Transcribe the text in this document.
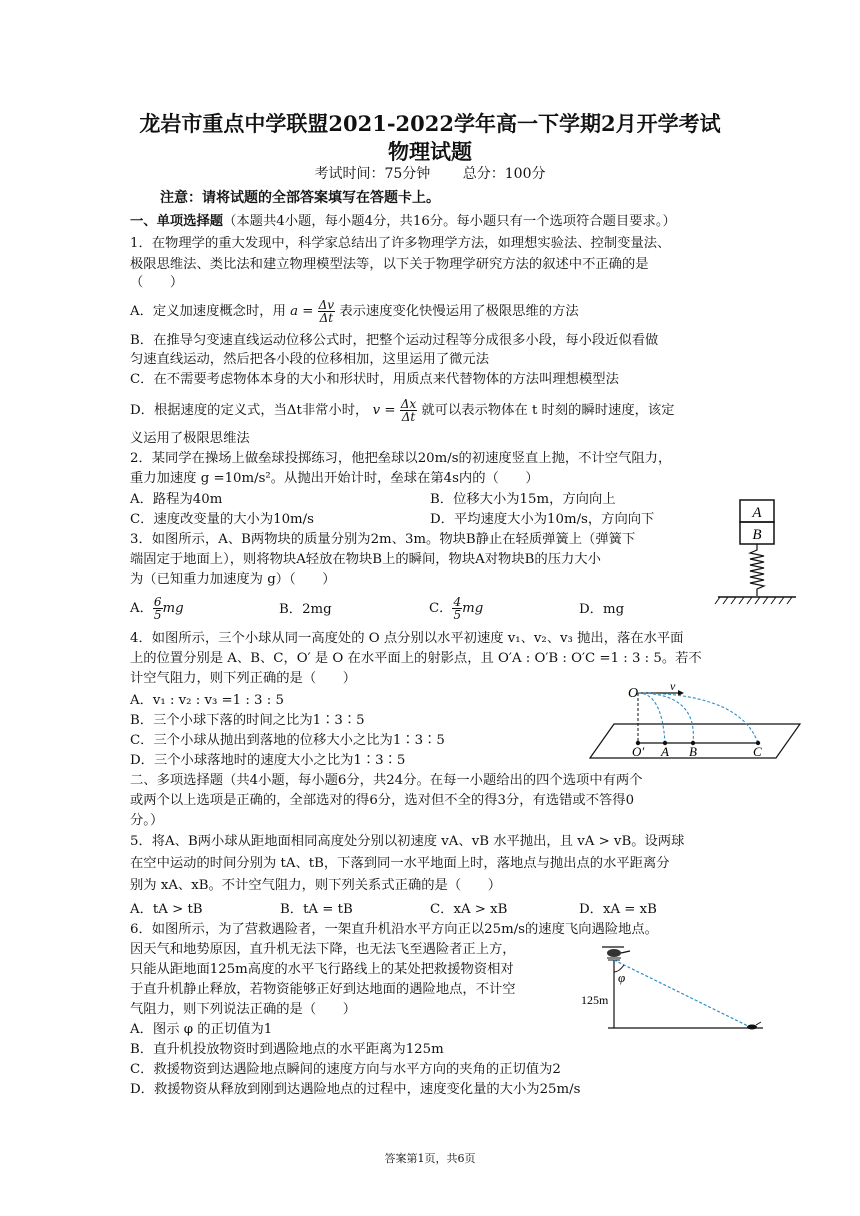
龙岩市重点中学联盟2021-2022学年高一下学期2月开学考试
物理试题
考试时间：75分钟 总分：100分
注意：请将试题的全部答案填写在答题卡上。
一、单项选择题（本题共4小题，每小题4分，共16分。每小题只有一个选项符合题目要求。）
1．在物理学的重大发现中，科学家总结出了许多物理学方法，如理想实验法、控制变量法、
极限思维法、类比法和建立物理模型法等，以下关于物理学研究方法的叙述中不正确的是
（　　）
A．定义加速度概念时，用 $a = \frac{\Delta v}{\Delta t}$ 表示速度变化快慢运用了极限思维的方法
B．在推导匀变速直线运动位移公式时，把整个运动过程等分成很多小段，每小段近似看做
匀速直线运动，然后把各小段的位移相加，这里运用了微元法
C．在不需要考虑物体本身的大小和形状时，用质点来代替物体的方法叫理想模型法
D．根据速度的定义式，当Δt非常小时， $v = \frac{\Delta x}{\Delta t}$ 就可以表示物体在 t 时刻的瞬时速度，该定
义运用了极限思维法
2．某同学在操场上做垒球投掷练习，他把垒球以20m/s的初速度竖直上抛，不计空气阻力，
重力加速度 g =10m/s²。从抛出开始计时，垒球在第4s内的（　　）
A．路程为40m	B．位移大小为15m，方向向上
C．速度改变量的大小为10m/s	D．平均速度大小为10m/s，方向向下
3．如图所示，A、B两物块的质量分别为2m、3m。物块B静止在轻质弹簧上（弹簧下
端固定于地面上），则将物块A轻放在物块B上的瞬间，物块A对物块B的压力大小
为（已知重力加速度为 g）（　　）
A． $\frac{6}{5}$ mg	B．2mg	C． $\frac{4}{5}$ mg	D．mg
A
B
4．如图所示，三个小球从同一高度处的 O 点分别以水平初速度 v₁、v₂、v₃ 抛出，落在水平面
上的位置分别是 A、B、C，O′ 是 O 在水平面上的射影点，且 O′A : O′B : O′C =1 : 3 : 5。若不
计空气阻力，则下列正确的是（　　）
A．v₁ : v₂ : v₃ =1 : 3 : 5
B．三个小球下落的时间之比为1∶3∶5
C．三个小球从抛出到落地的位移大小之比为1∶3∶5
D．三个小球落地时的速度大小之比为1∶3∶5
O	v
O′ A B	C
二、多项选择题（共4小题，每小题6分，共24分。在每一小题给出的四个选项中有两个
或两个以上选项是正确的，全部选对的得6分，选对但不全的得3分，有选错或不答得0
分。）
5．将A、B两小球从距地面相同高度处分别以初速度 vA、vB 水平抛出，且 vA > vB。设两球
在空中运动的时间分别为 tA、tB，下落到同一水平地面上时，落地点与抛出点的水平距离分
别为 xA、xB。不计空气阻力，则下列关系式正确的是（　　）
A．tA > tB	B．tA = tB	C．xA > xB	D．xA = xB
6．如图所示，为了营救遇险者，一架直升机沿水平方向正以25m/s的速度飞向遇险地点。
因天气和地势原因，直升机无法下降，也无法飞至遇险者正上方，
只能从距地面125m高度的水平飞行路线上的某处把救援物资相对
于直升机静止释放，若物资能够正好到达地面的遇险地点，不计空
气阻力，则下列说法正确的是（　　）
A．图示 φ 的正切值为1
B．直升机投放物资时到遇险地点的水平距离为125m
C．救援物资到达遇险地点瞬间的速度方向与水平方向的夹角的正切值为2
D．救援物资从释放到刚到达遇险地点的过程中，速度变化量的大小为25m/s
φ
125m
答案第1页，共6页
